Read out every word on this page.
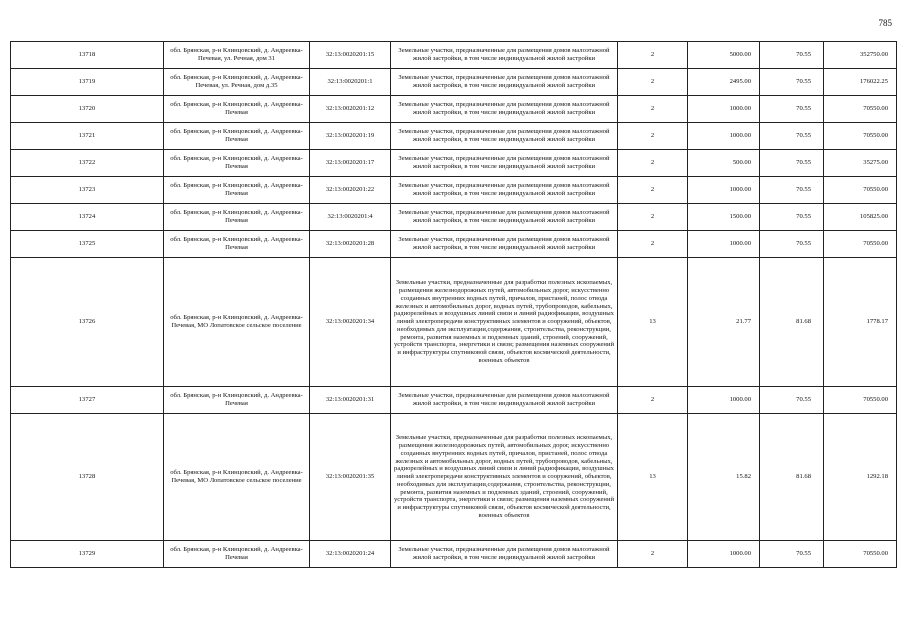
785
13718	обл. Брянская, р-н Клинцовский, д. Андреевка-Печевая, ул. Речная, дом 31	32:13:0020201:15	Земельные участки, предназначенные для размещения домов малоэтажной жилой застройки, в том числе индивидуальной жилой застройки	2	5000.00	70.55	352750.00
13719	обл. Брянская, р-н Клинцовский, д. Андреевка-Печевая, ул. Речная, дом д.35	32:13:0020201:1	Земельные участки, предназначенные для размещения домов малоэтажной жилой застройки, в том числе индивидуальной жилой застройки	2	2495.00	70.55	176022.25
13720	обл. Брянская, р-н Клинцовский, д. Андреевка-Печевая	32:13:0020201:12	Земельные участки, предназначенные для размещения домов малоэтажной жилой застройки, в том числе индивидуальной жилой застройки	2	1000.00	70.55	70550.00
13721	обл. Брянская, р-н Клинцовский, д. Андреевка-Печевая	32:13:0020201:19	Земельные участки, предназначенные для размещения домов малоэтажной жилой застройки, в том числе индивидуальной жилой застройки	2	1000.00	70.55	70550.00
13722	обл. Брянская, р-н Клинцовский, д. Андреевка-Печевая	32:13:0020201:17	Земельные участки, предназначенные для размещения домов малоэтажной жилой застройки, в том числе индивидуальной жилой застройки	2	500.00	70.55	35275.00
13723	обл. Брянская, р-н Клинцовский, д. Андреевка-Печевая	32:13:0020201:22	Земельные участки, предназначенные для размещения домов малоэтажной жилой застройки, в том числе индивидуальной жилой застройки	2	1000.00	70.55	70550.00
13724	обл. Брянская, р-н Клинцовский, д. Андреевка-Печевая	32:13:0020201:4	Земельные участки, предназначенные для размещения домов малоэтажной жилой застройки, в том числе индивидуальной жилой застройки	2	1500.00	70.55	105825.00
13725	обл. Брянская, р-н Клинцовский, д. Андреевка-Печевая	32:13:0020201:28	Земельные участки, предназначенные для размещения домов малоэтажной жилой застройки, в том числе индивидуальной жилой застройки	2	1000.00	70.55	70550.00
13726	обл. Брянская, р-н Клинцовский, д. Андреевка-Печевая, МО Лопатовское сельское поселение	32:13:0020201:34	Земельные участки, предназначенные для разработки полезных ископаемых, размещения железнодорожных путей, автомобильных дорог, искусственно созданных внутренних водных путей, причалов, пристаней, полос отвода железных и автомобильных дорог, водных путей, трубопроводов, кабельных, радиорелейных и воздушных линий связи и линий радиофикации, воздушных линий электропередачи конструктивных элементов и сооружений, объектов, необходимых для эксплуатации,содержания, строительства, реконструкции, ремонта, развития наземных и подземных зданий, строений, сооружений, устройств транспорта, энергетики и связи; размещения наземных сооружений и инфраструктуры спутниковой связи, объектов космической деятельности, военных объектов	13	21.77	81.68	1778.17
13727	обл. Брянская, р-н Клинцовский, д. Андреевка-Печевая	32:13:0020201:31	Земельные участки, предназначенные для размещения домов малоэтажной жилой застройки, в том числе индивидуальной жилой застройки	2	1000.00	70.55	70550.00
13728	обл. Брянская, р-н Клинцовский, д. Андреевка-Печевая, МО Лопатовское сельское поселение	32:13:0020201:35	Земельные участки, предназначенные для разработки полезных ископаемых, размещения железнодорожных путей, автомобильных дорог, искусственно созданных внутренних водных путей, причалов, пристаней, полос отвода железных и автомобильных дорог, водных путей, трубопроводов, кабельных, радиорелейных и воздушных линий связи и линий радиофикации, воздушных линий электропередачи конструктивных элементов и сооружений, объектов, необходимых для эксплуатации,содержания, строительства, реконструкции, ремонта, развития наземных и подземных зданий, строений, сооружений, устройств транспорта, энергетики и связи; размещения наземных сооружений и инфраструктуры спутниковой связи, объектов космической деятельности, военных объектов	13	15.82	81.68	1292.18
13729	обл. Брянская, р-н Клинцовский, д. Андреевка-Печевая	32:13:0020201:24	Земельные участки, предназначенные для размещения домов малоэтажной жилой застройки, в том числе индивидуальной жилой застройки	2	1000.00	70.55	70550.00
